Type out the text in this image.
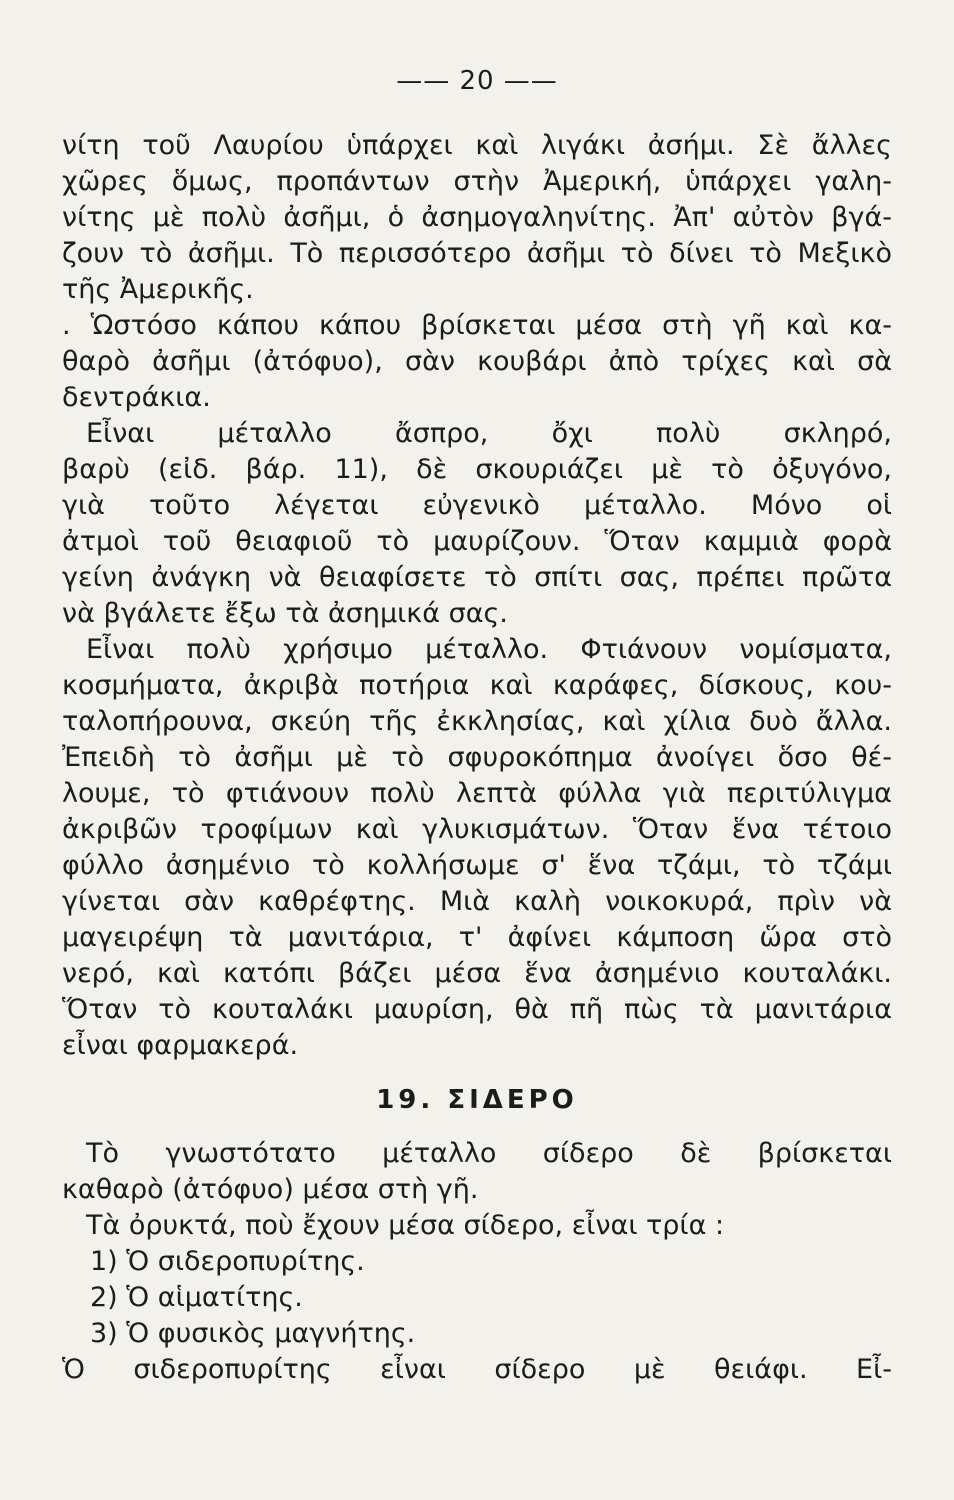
—— 20 ——
νίτη τοῦ Λαυρίου ὑπάρχει καὶ λιγάκι ἀσήμι. Σὲ ἄλλες
χῶρες ὅμως, προπάντων στὴν Ἀμερική, ὑπάρχει γαλη-
νίτης μὲ πολὺ ἀσῆμι, ὁ ἀσημογαληνίτης. Ἀπ' αὐτὸν βγά-
ζουν τὸ ἀσῆμι. Τὸ περισσότερο ἀσῆμι τὸ δίνει τὸ Μεξικὸ
τῆς Ἀμερικῆς.
. Ὡστόσο κάπου κάπου βρίσκεται μέσα στὴ γῆ καὶ κα-
θαρὸ ἀσῆμι (ἀτόφυο), σὰν κουβάρι ἀπὸ τρίχες καὶ σὰ
δεντράκια.
Εἶναι μέταλλο ἄσπρο, ὄχι πολὺ σκληρό,
βαρὺ (εἰδ. βάρ. 11), δὲ σκουριάζει μὲ τὸ ὀξυγόνο,
γιὰ τοῦτο λέγεται εὐγενικὸ μέταλλο. Μόνο οἱ
ἀτμοὶ τοῦ θειαφιοῦ τὸ μαυρίζουν. Ὅταν καμμιὰ φορὰ
γείνη ἀνάγκη νὰ θειαφίσετε τὸ σπίτι σας, πρέπει πρῶτα
νὰ βγάλετε ἔξω τὰ ἀσημικά σας.
Εἶναι πολὺ χρήσιμο μέταλλο. Φτιάνουν νομίσματα,
κοσμήματα, ἀκριβὰ ποτήρια καὶ καράφες, δίσκους, κου-
ταλοπήρουνα, σκεύη τῆς ἐκκλησίας, καὶ χίλια δυὸ ἄλλα.
Ἐπειδὴ τὸ ἀσῆμι μὲ τὸ σφυροκόπημα ἀνοίγει ὅσο θέ-
λουμε, τὸ φτιάνουν πολὺ λεπτὰ φύλλα γιὰ περιτύλιγμα
ἀκριβῶν τροφίμων καὶ γλυκισμάτων. Ὅταν ἕνα τέτοιο
φύλλο ἀσημένιο τὸ κολλήσωμε σ' ἕνα τζάμι, τὸ τζάμι
γίνεται σὰν καθρέφτης. Μιὰ καλὴ νοικοκυρά, πρὶν νὰ
μαγειρέψη τὰ μανιτάρια, τ' ἀφίνει κάμποση ὥρα στὸ
νερό, καὶ κατόπι βάζει μέσα ἕνα ἀσημένιο κουταλάκι.
Ὅταν τὸ κουταλάκι μαυρίση, θὰ πῆ πὼς τὰ μανιτάρια
εἶναι φαρμακερά.
19. ΣΙΔΕΡΟ
Τὸ γνωστότατο μέταλλο σίδερο δὲ βρίσκεται
καθαρὸ (ἀτόφυο) μέσα στὴ γῆ.
Τὰ ὀρυκτά, ποὺ ἔχουν μέσα σίδερο, εἶναι τρία :
1) Ὁ σιδεροπυρίτης.
2) Ὁ αἱματίτης.
3) Ὁ φυσικὸς μαγνήτης.
Ὁ σιδεροπυρίτης εἶναι σίδερο μὲ θειάφι. Εἶ-
